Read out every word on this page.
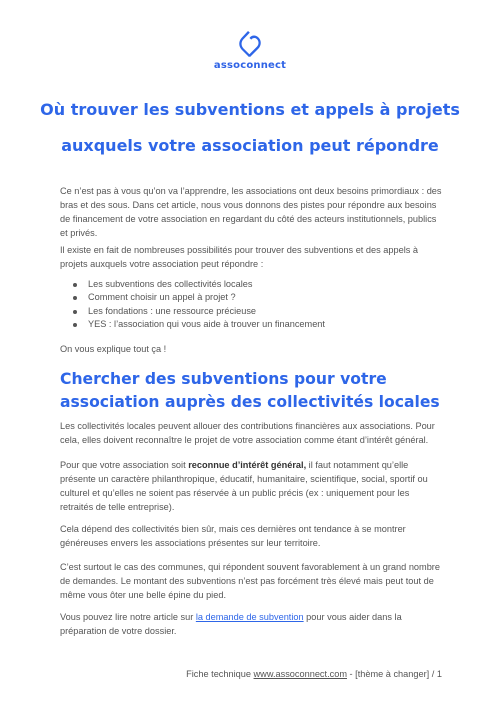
assoconnect
Où trouver les subventions et appels à projets auxquels votre association peut répondre

Ce n’est pas à vous qu’on va l’apprendre, les associations ont deux besoins primordiaux : des bras et des sous. Dans cet article, nous vous donnons des pistes pour répondre aux besoins de financement de votre association en regardant du côté des acteurs institutionnels, publics et privés.

Il existe en fait de nombreuses possibilités pour trouver des subventions et des appels à projets auxquels votre association peut répondre :

Les subventions des collectivités locales
Comment choisir un appel à projet ?
Les fondations : une ressource précieuse
YES : l’association qui vous aide à trouver un financement

On vous explique tout ça !

Chercher des subventions pour votre association auprès des collectivités locales

Les collectivités locales peuvent allouer des contributions financières aux associations. Pour cela, elles doivent reconnaître le projet de votre association comme étant d’intérêt général.

Pour que votre association soit reconnue d’intérêt général, il faut notamment qu’elle présente un caractère philanthropique, éducatif, humanitaire, scientifique, social, sportif ou culturel et qu’elles ne soient pas réservée à un public précis (ex : uniquement pour les retraités de telle entreprise).

Cela dépend des collectivités bien sûr, mais ces dernières ont tendance à se montrer généreuses envers les associations présentes sur leur territoire.

C’est surtout le cas des communes, qui répondent souvent favorablement à un grand nombre de demandes. Le montant des subventions n’est pas forcément très élevé mais peut tout de même vous ôter une belle épine du pied.

Vous pouvez lire notre article sur la demande de subvention pour vous aider dans la préparation de votre dossier.

Fiche technique www.assoconnect.com - [thème à changer] / 1
